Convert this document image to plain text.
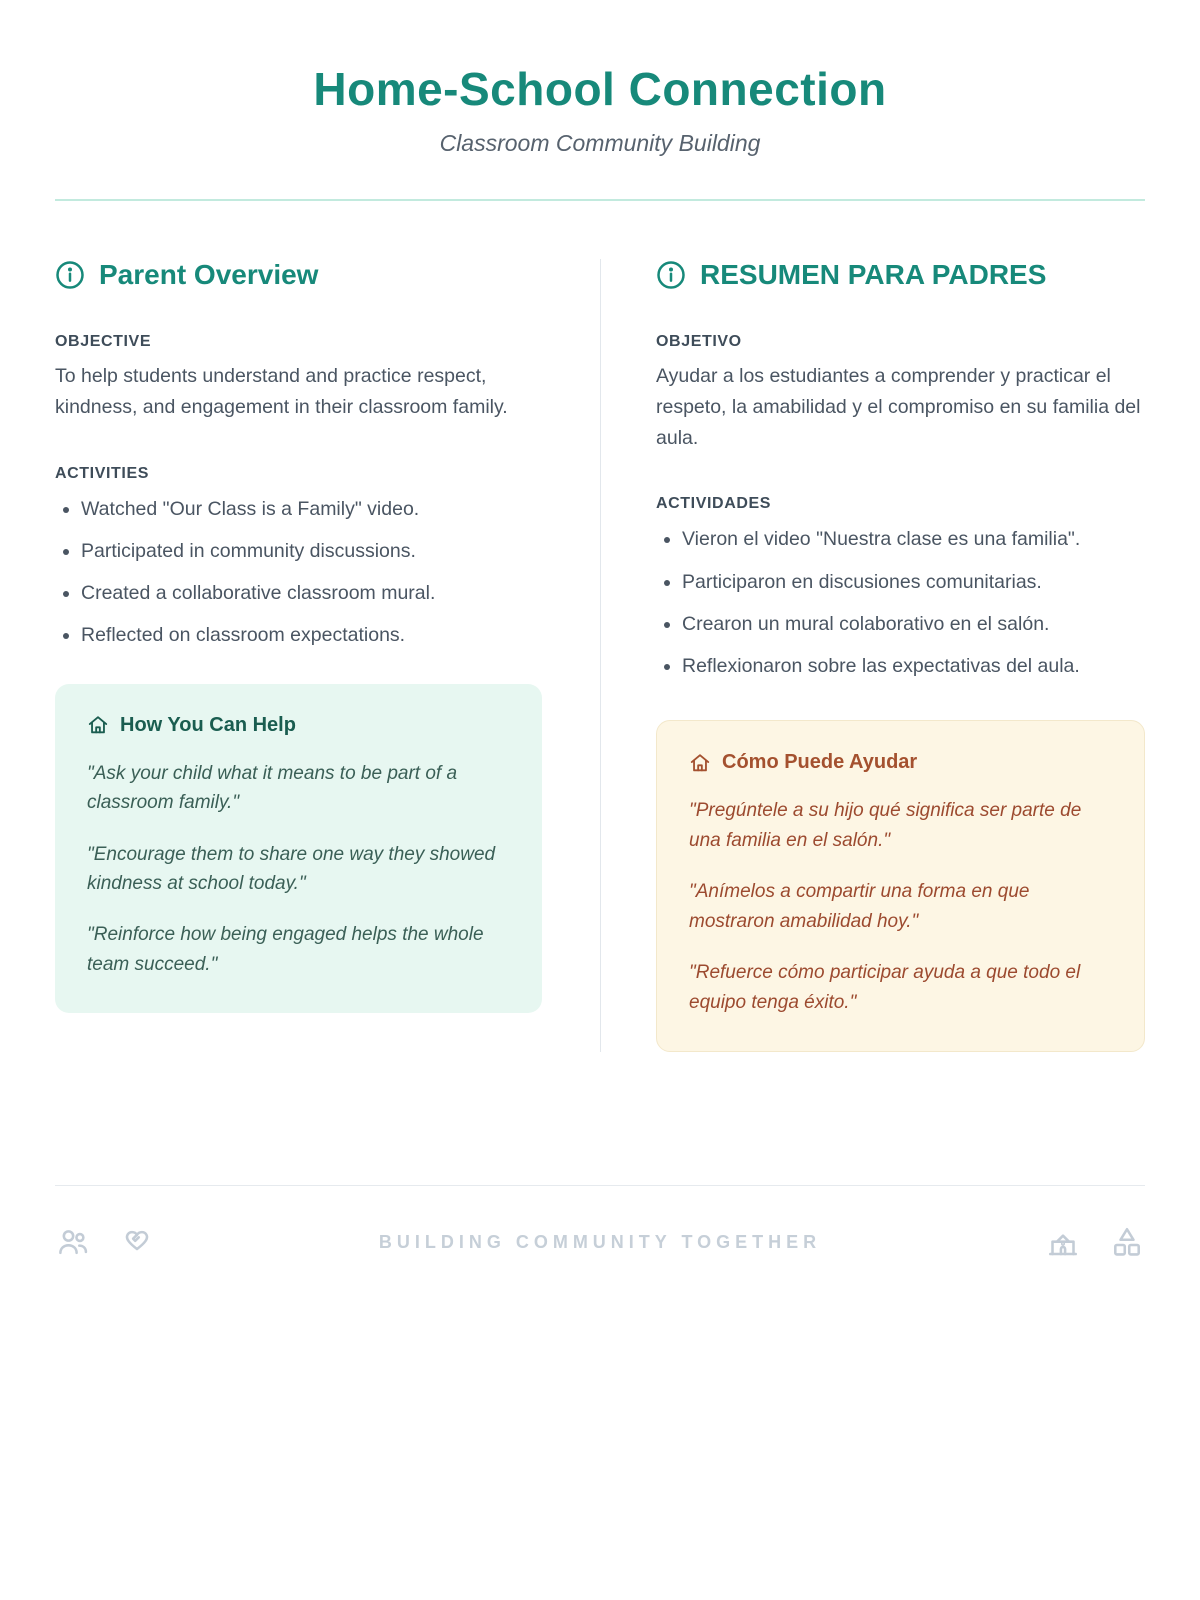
Home-School Connection
Classroom Community Building
Parent Overview
OBJECTIVE

To help students understand and practice respect, kindness, and engagement in their classroom family.

ACTIVITIES
• Watched "Our Class is a Family" video.
• Participated in community discussions.
• Created a collaborative classroom mural.
• Reflected on classroom expectations.
How You Can Help

"Ask your child what it means to be part of a classroom family."

"Encourage them to share one way they showed kindness at school today."

"Reinforce how being engaged helps the whole team succeed."

RESUMEN PARA PADRES
OBJETIVO

Ayudar a los estudiantes a comprender y practicar el respeto, la amabilidad y el compromiso en su familia del aula.

ACTIVIDADES
• Vieron el video "Nuestra clase es una familia".
• Participaron en discusiones comunitarias.
• Crearon un mural colaborativo en el salón.
• Reflexionaron sobre las expectativas del aula.
Cómo Puede Ayudar

"Pregúntele a su hijo qué significa ser parte de una familia en el salón."

"Anímelos a compartir una forma en que mostraron amabilidad hoy."

"Refuerce cómo participar ayuda a que todo el equipo tenga éxito."

BUILDING COMMUNITY TOGETHER
